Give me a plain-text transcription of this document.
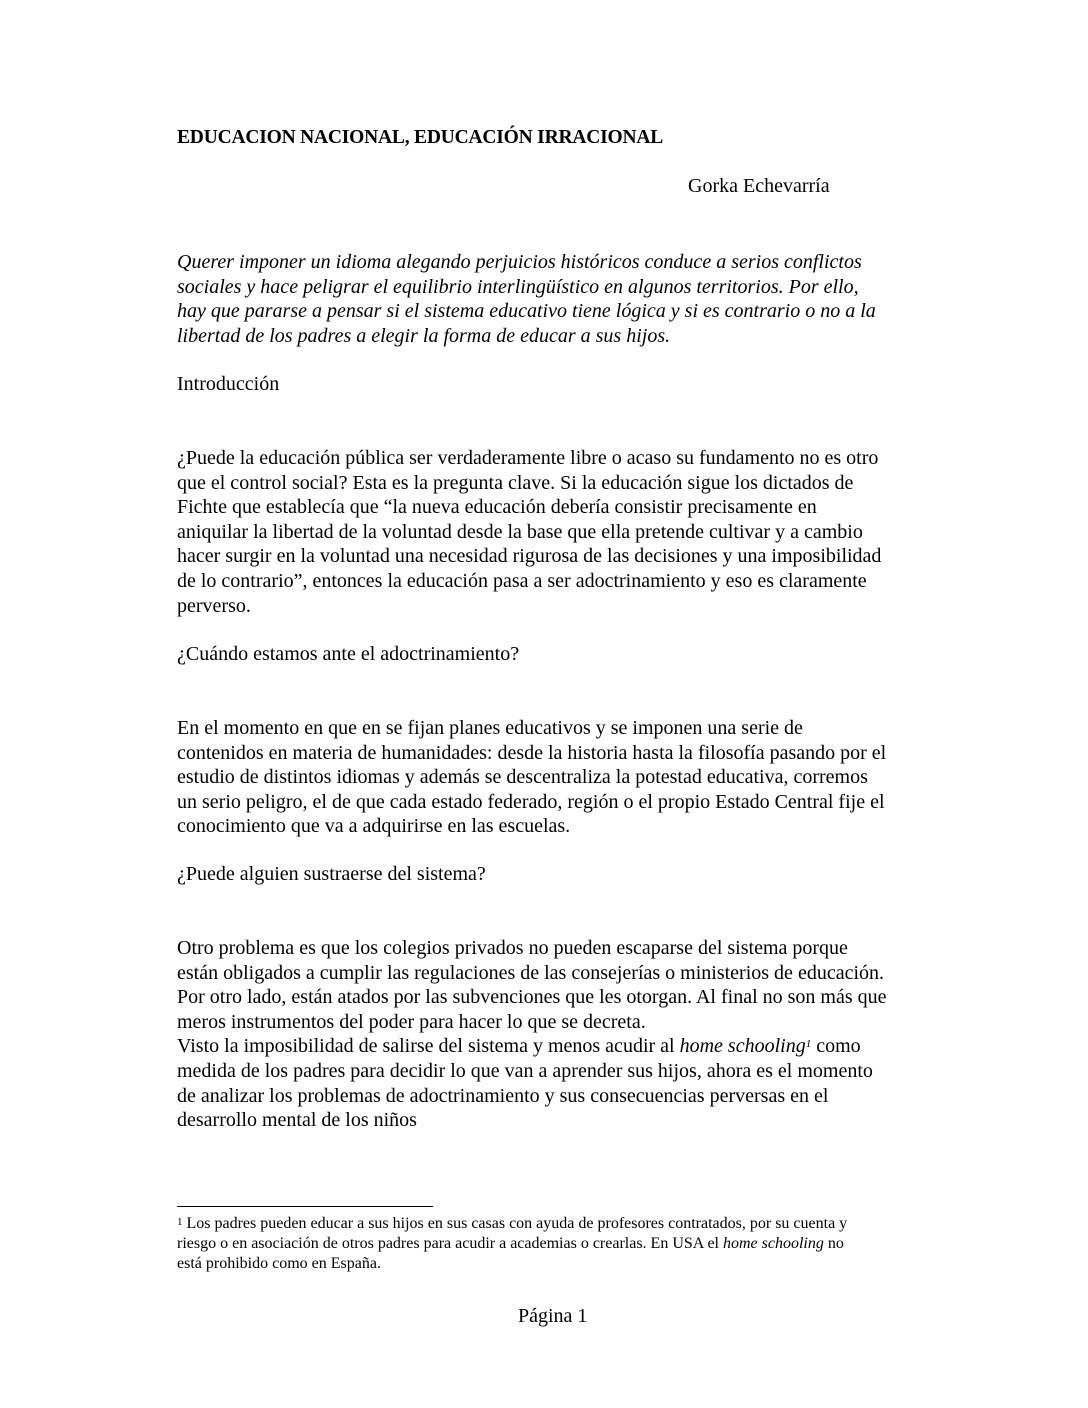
EDUCACION NACIONAL, EDUCACIÓN IRRACIONAL
Gorka Echevarría
Querer imponer un idioma alegando perjuicios históricos conduce a serios conflictos
sociales y hace peligrar el equilibrio interlingüístico en algunos territorios. Por ello,
hay que pararse a pensar si el sistema educativo tiene lógica y si es contrario o no a la
libertad de los padres a elegir la forma de educar a sus hijos.
Introducción
¿Puede la educación pública ser verdaderamente libre o acaso su fundamento no es otro
que el control social? Esta es la pregunta clave. Si la educación sigue los dictados de
Fichte que establecía que “la nueva educación debería consistir precisamente en
aniquilar la libertad de la voluntad desde la base que ella pretende cultivar y a cambio
hacer surgir en la voluntad una necesidad rigurosa de las decisiones y una imposibilidad
de lo contrario”, entonces la educación pasa a ser adoctrinamiento y eso es claramente
perverso.
¿Cuándo estamos ante el adoctrinamiento?
En el momento en que en se fijan planes educativos y se imponen una serie de
contenidos en materia de humanidades: desde la historia hasta la filosofía pasando por el
estudio de distintos idiomas y además se descentraliza la potestad educativa, corremos
un serio peligro, el de que cada estado federado, región o el propio Estado Central fije el
conocimiento que va a adquirirse en las escuelas.
¿Puede alguien sustraerse del sistema?
Otro problema es que los colegios privados no pueden escaparse del sistema porque
están obligados a cumplir las regulaciones de las consejerías o ministerios de educación.
Por otro lado, están atados por las subvenciones que les otorgan. Al final no son más que
meros instrumentos del poder para hacer lo que se decreta.
Visto la imposibilidad de salirse del sistema y menos acudir al home schooling$^1$ como
medida de los padres para decidir lo que van a aprender sus hijos, ahora es el momento
de analizar los problemas de adoctrinamiento y sus consecuencias perversas en el
desarrollo mental de los niños
$^1$ Los padres pueden educar a sus hijos en sus casas con ayuda de profesores contratados, por su cuenta y
riesgo o en asociación de otros padres para acudir a academias o crearlas. En USA el home schooling no
está prohibido como en España.
Página 1
